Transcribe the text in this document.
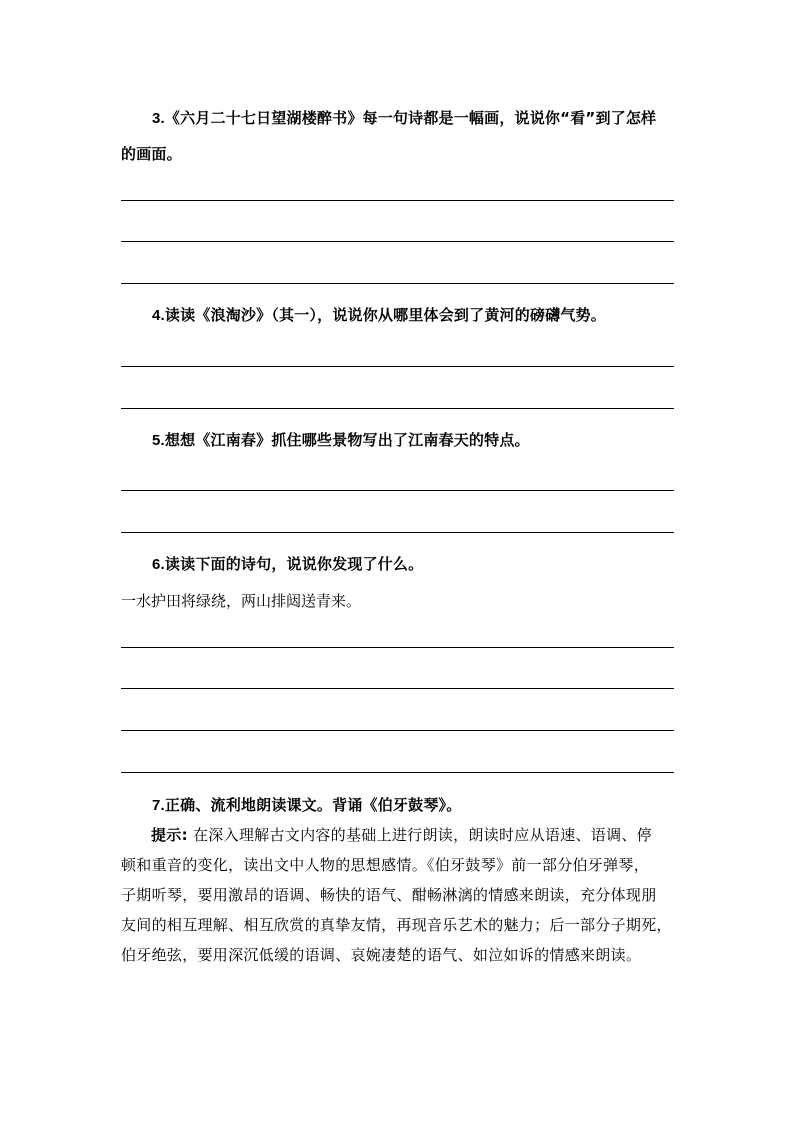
3.《六月二十七日望湖楼醉书》每一句诗都是一幅画，说说你“看”到了怎样
的画面。
4.读读《浪淘沙》（其一），说说你从哪里体会到了黄河的磅礴气势。
5.想想《江南春》抓住哪些景物写出了江南春天的特点。
6.读读下面的诗句，说说你发现了什么。
一水护田将绿绕，两山排闼送青来。
7.正确、流利地朗读课文。背诵《伯牙鼓琴》。
提示: 在深入理解古文内容的基础上进行朗读，朗读时应从语速、语调、停
顿和重音的变化，读出文中人物的思想感情。《伯牙鼓琴》前一部分伯牙弹琴，
子期听琴，要用激昂的语调、畅快的语气、酣畅淋漓的情感来朗读，充分体现朋
友间的相互理解、相互欣赏的真挚友情，再现音乐艺术的魅力；后一部分子期死，
伯牙绝弦，要用深沉低缓的语调、哀婉凄楚的语气、如泣如诉的情感来朗读。
